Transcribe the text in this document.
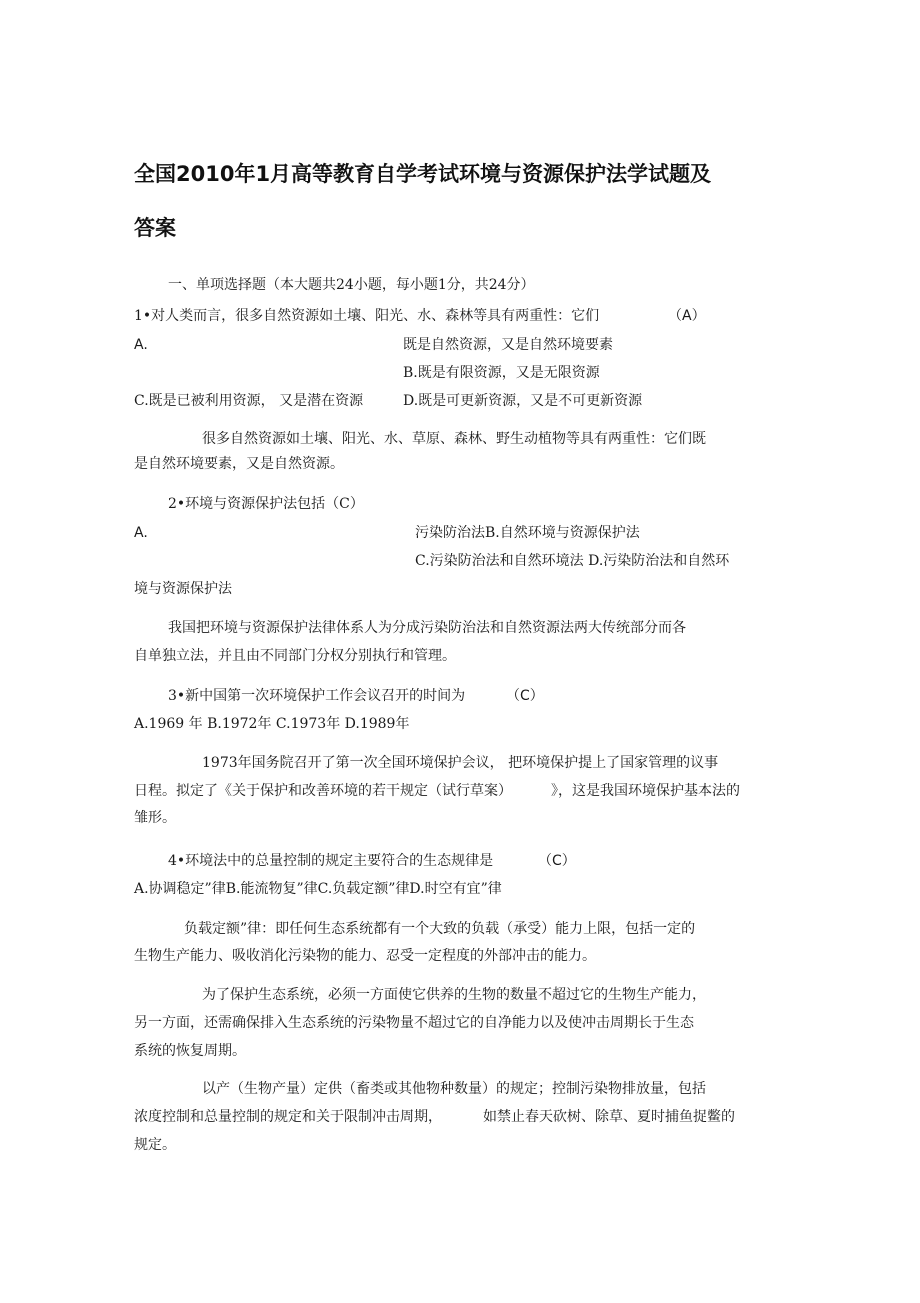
全国2010年1月高等教育自学考试环境与资源保护法学试题及
答案
一、单项选择题（本大题共24小题，每小题1分，共24分）
1•对人类而言，很多自然资源如土壤、阳光、水、森林等具有两重性：它们	（A）
A.	既是自然资源，又是自然环境要素
B.既是有限资源，又是无限资源
C.既是已被利用资源， 又是潜在资源	D.既是可更新资源，又是不可更新资源
很多自然资源如土壤、阳光、水、草原、森林、野生动植物等具有两重性：它们既
是自然环境要素，又是自然资源。
2•环境与资源保护法包括（C）
A.	污染防治法B.自然环境与资源保护法
C.污染防治法和自然环境法 D.污染防治法和自然环
境与资源保护法
我国把环境与资源保护法律体系人为分成污染防治法和自然资源法两大传统部分而各
自单独立法，并且由不同部门分权分别执行和管理。
3•新中国第一次环境保护工作会议召开的时间为	（C）
A.1969 年 B.1972年 C.1973年 D.1989年
1973年国务院召开了第一次全国环境保护会议， 把环境保护提上了国家管理的议事
日程。拟定了《关于保护和改善环境的若干规定（试行草案）	》，这是我国环境保护基本法的
雏形。
4•环境法中的总量控制的规定主要符合的生态规律是	（C）
A.协调稳定”律B.能流物复”律C.负载定额”律D.时空有宜”律
负载定额”律：即任何生态系统都有一个大致的负载（承受）能力上限，包括一定的
生物生产能力、吸收消化污染物的能力、忍受一定程度的外部冲击的能力。
为了保护生态系统，必须一方面使它供养的生物的数量不超过它的生物生产能力，
另一方面，还需确保排入生态系统的污染物量不超过它的自净能力以及使冲击周期长于生态
系统的恢复周期。
以产（生物产量）定供（畜类或其他物种数量）的规定；控制污染物排放量，包括
浓度控制和总量控制的规定和关于限制冲击周期，	如禁止春天砍树、除草、夏时捕鱼捉鳖的
规定。
